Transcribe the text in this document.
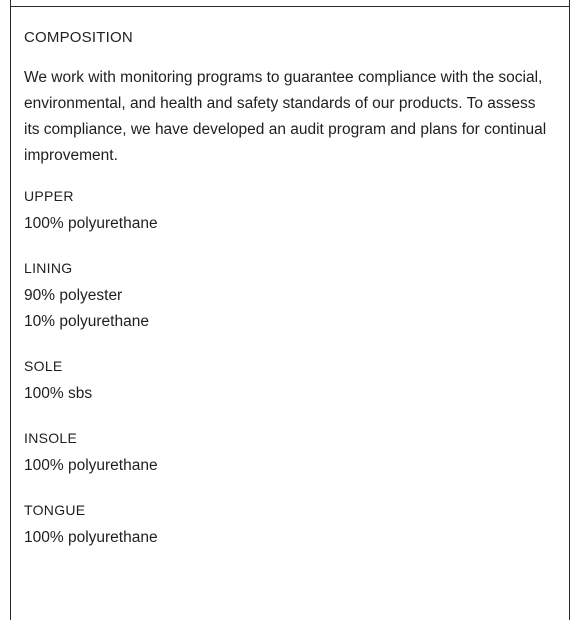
COMPOSITION
We work with monitoring programs to guarantee compliance with the social, environmental, and health and safety standards of our products. To assess its compliance, we have developed an audit program and plans for continual improvement.
UPPER
100% polyurethane
LINING
90% polyester
10% polyurethane
SOLE
100% sbs
INSOLE
100% polyurethane
TONGUE
100% polyurethane
